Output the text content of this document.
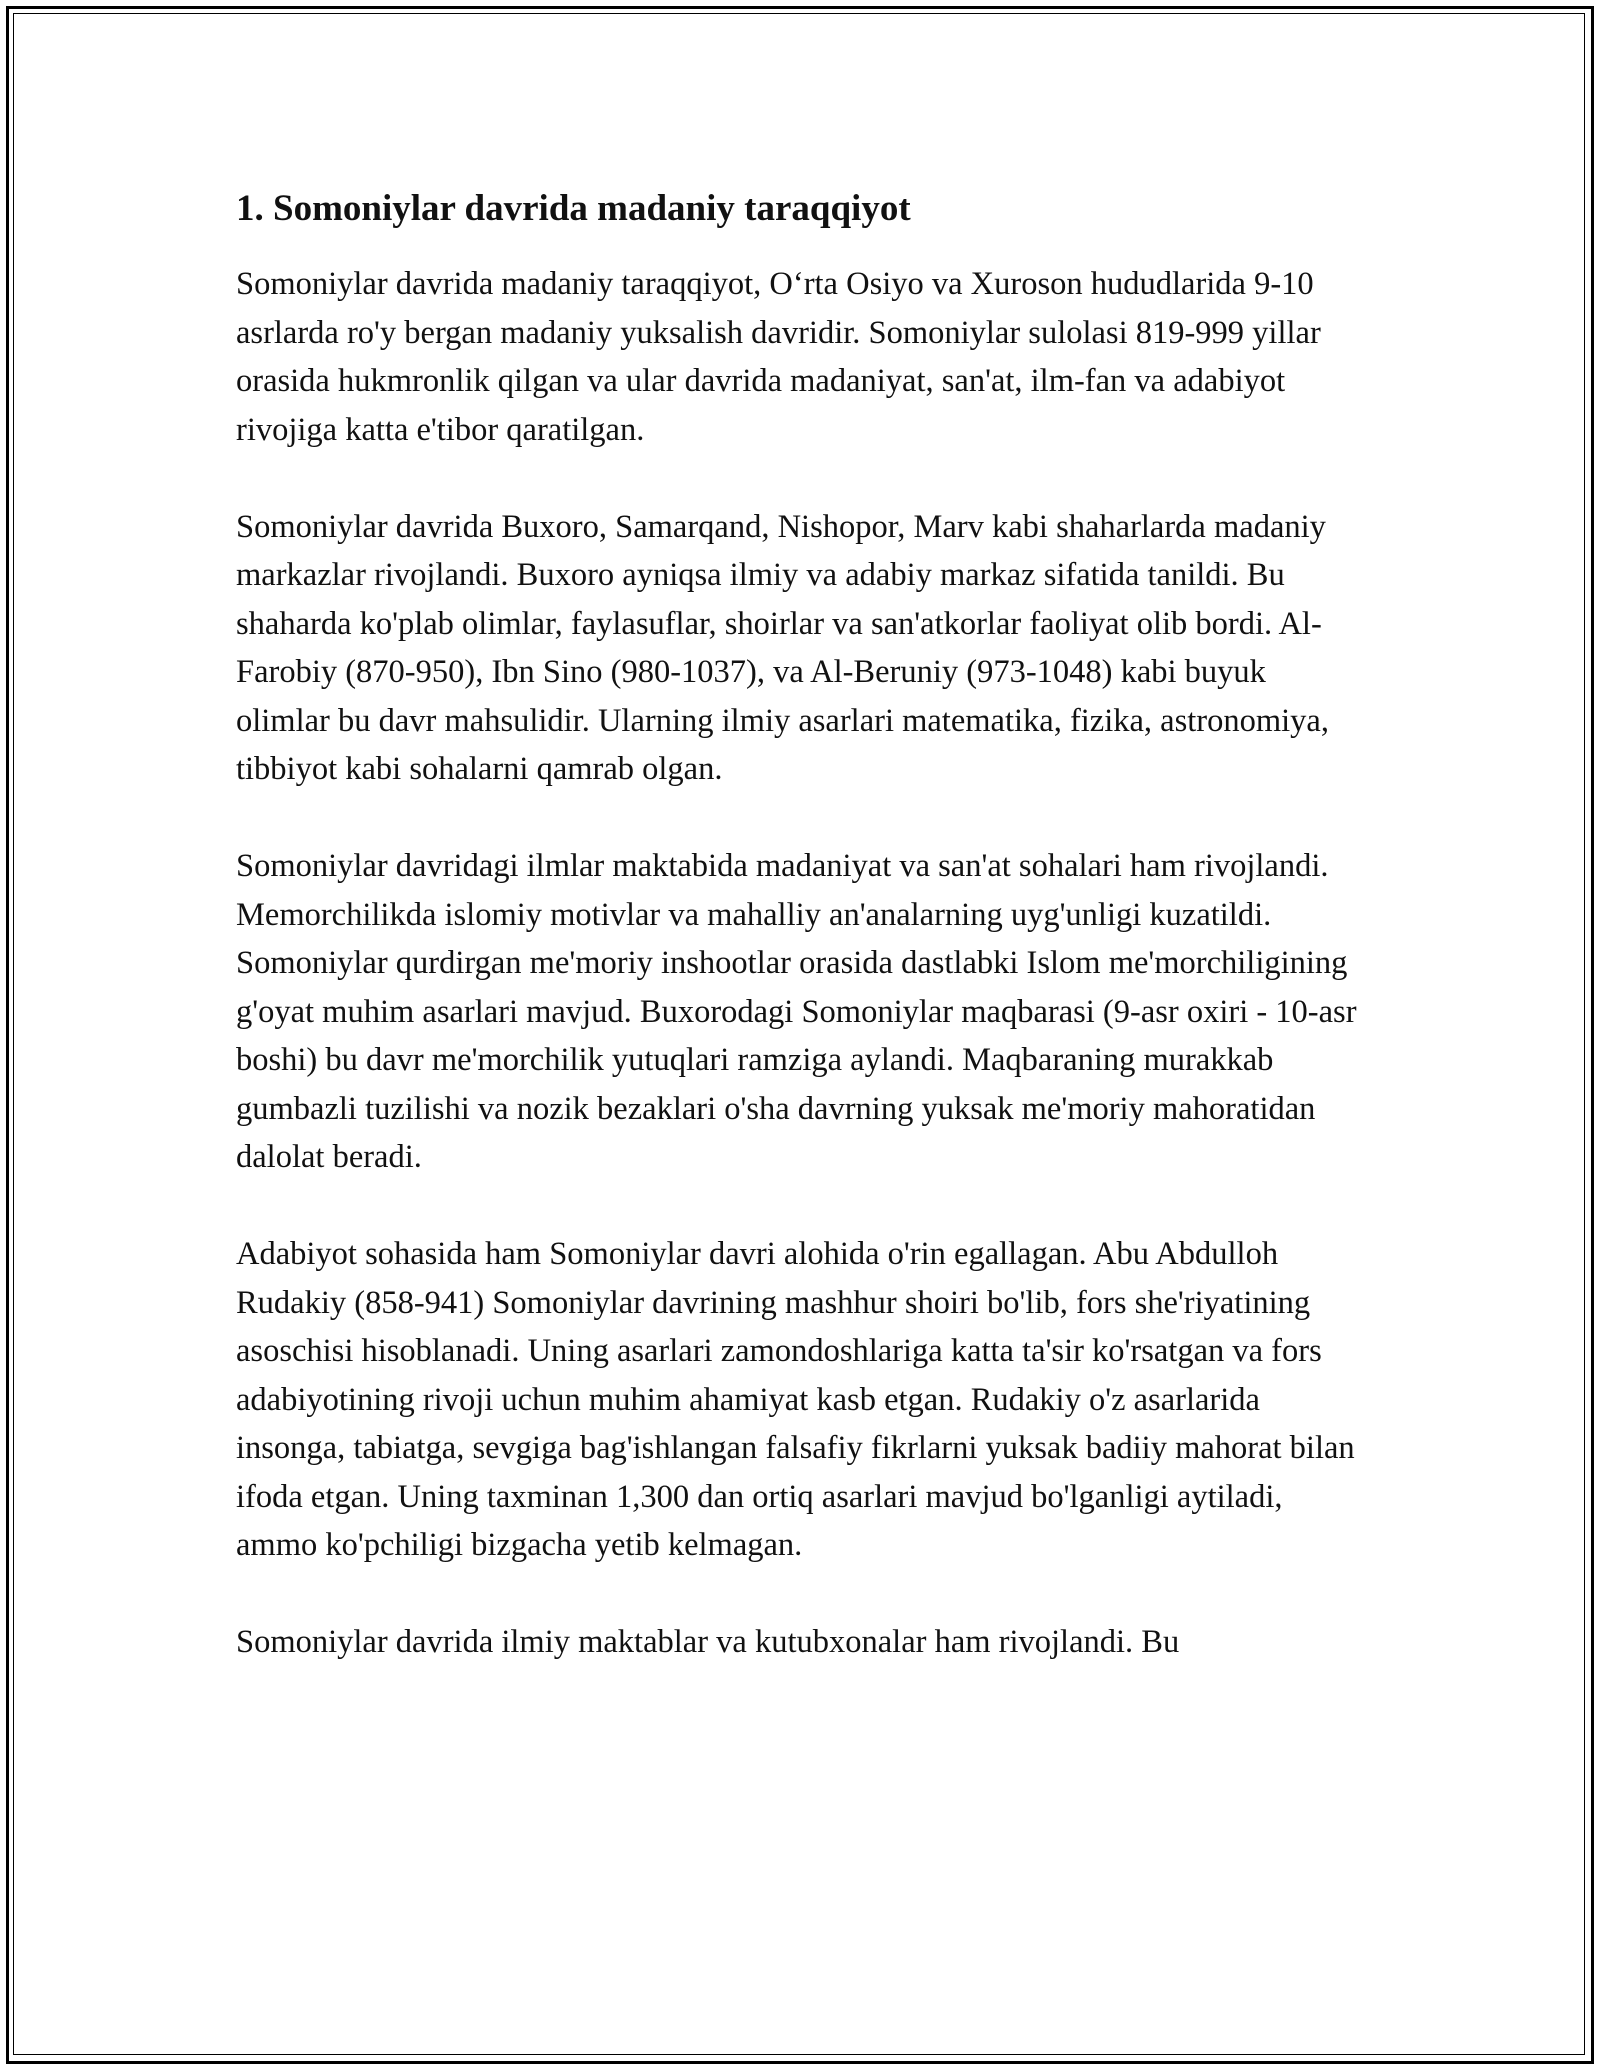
1. Somoniylar davrida madaniy taraqqiyot

Somoniylar davrida madaniy taraqqiyot, O‘rta Osiyo va Xuroson hududlarida 9-10 asrlarda ro'y bergan madaniy yuksalish davridir. Somoniylar sulolasi 819-999 yillar orasida hukmronlik qilgan va ular davrida madaniyat, san'at, ilm-fan va adabiyot rivojiga katta e'tibor qaratilgan.

Somoniylar davrida Buxoro, Samarqand, Nishopor, Marv kabi shaharlarda madaniy markazlar rivojlandi. Buxoro ayniqsa ilmiy va adabiy markaz sifatida tanildi. Bu shaharda ko'plab olimlar, faylasuflar, shoirlar va san'atkorlar faoliyat olib bordi. Al-Farobiy (870-950), Ibn Sino (980-1037), va Al-Beruniy (973-1048) kabi buyuk olimlar bu davr mahsulidir. Ularning ilmiy asarlari matematika, fizika, astronomiya, tibbiyot kabi sohalarni qamrab olgan.

Somoniylar davridagi ilmlar maktabida madaniyat va san'at sohalari ham rivojlandi. Memorchilikda islomiy motivlar va mahalliy an'analarning uyg'unligi kuzatildi. Somoniylar qurdirgan me'moriy inshootlar orasida dastlabki Islom me'morchiligining g'oyat muhim asarlari mavjud. Buxorodagi Somoniylar maqbarasi (9-asr oxiri - 10-asr boshi) bu davr me'morchilik yutuqlari ramziga aylandi. Maqbaraning murakkab gumbazli tuzilishi va nozik bezaklari o'sha davrning yuksak me'moriy mahoratidan dalolat beradi.

Adabiyot sohasida ham Somoniylar davri alohida o'rin egallagan. Abu Abdulloh Rudakiy (858-941) Somoniylar davrining mashhur shoiri bo'lib, fors she'riyatining asoschisi hisoblanadi. Uning asarlari zamondoshlariga katta ta'sir ko'rsatgan va fors adabiyotining rivoji uchun muhim ahamiyat kasb etgan. Rudakiy o'z asarlarida insonga, tabiatga, sevgiga bag'ishlangan falsafiy fikrlarni yuksak badiiy mahorat bilan ifoda etgan. Uning taxminan 1,300 dan ortiq asarlari mavjud bo'lganligi aytiladi, ammo ko'pchiligi bizgacha yetib kelmagan.

Somoniylar davrida ilmiy maktablar va kutubxonalar ham rivojlandi. Bu
